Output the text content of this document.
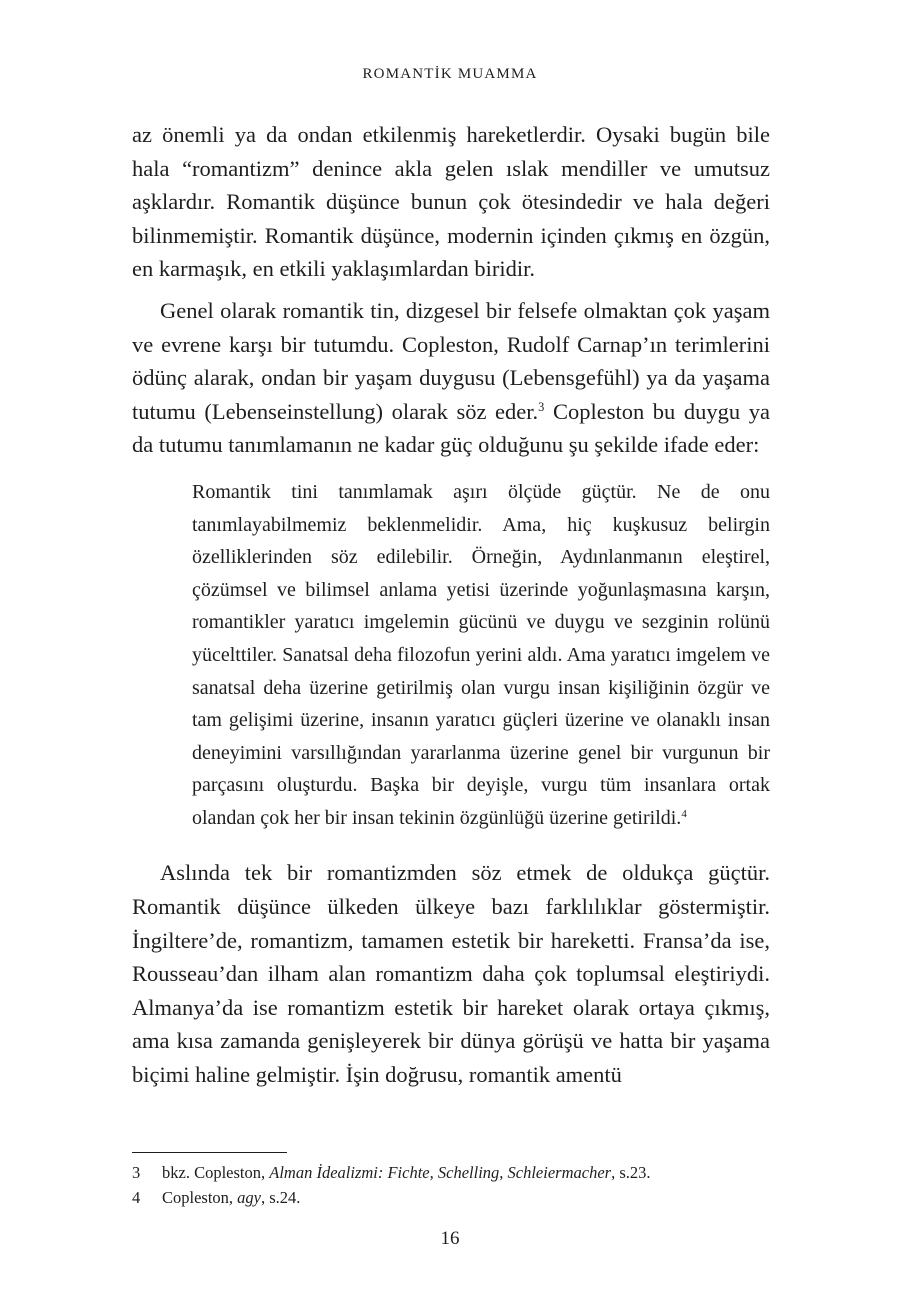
ROMANTİK MUAMMA

az önemli ya da ondan etkilenmiş hareketlerdir. Oysaki bugün bile hala “romantizm” denince akla gelen ıslak mendiller ve umutsuz aşklardır. Romantik düşünce bunun çok ötesindedir ve hala değeri bilinmemiştir. Romantik düşünce, modernin içinden çıkmış en özgün, en karmaşık, en etkili yaklaşımlardan biridir.

Genel olarak romantik tin, dizgesel bir felsefe olmaktan çok yaşam ve evrene karşı bir tutumdu. Copleston, Rudolf Carnap’ın terimlerini ödünç alarak, ondan bir yaşam duygusu (Lebensgefühl) ya da yaşama tutumu (Lebenseinstellung) olarak söz eder.$^3$ Copleston bu duygu ya da tutumu tanımlamanın ne kadar güç olduğunu şu şekilde ifade eder:

Romantik tini tanımlamak aşırı ölçüde güçtür. Ne de onu tanımlayabilmemiz beklenmelidir. Ama, hiç kuşkusuz belirgin özelliklerinden söz edilebilir. Örneğin, Aydınlanmanın eleştirel, çözümsel ve bilimsel anlama yetisi üzerinde yoğunlaşmasına karşın, romantikler yaratıcı imgelemin gücünü ve duygu ve sezginin rolünü yücelttiler. Sanatsal deha filozofun yerini aldı. Ama yaratıcı imgelem ve sanatsal deha üzerine getirilmiş olan vurgu insan kişiliğinin özgür ve tam gelişimi üzerine, insanın yaratıcı güçleri üzerine ve olanaklı insan deneyimini varsıllığından yararlanma üzerine genel bir vurgunun bir parçasını oluşturdu. Başka bir deyişle, vurgu tüm insanlara ortak olandan çok her bir insan tekinin özgünlüğü üzerine getirildi.$^4$

Aslında tek bir romantizmden söz etmek de oldukça güçtür. Romantik düşünce ülkeden ülkeye bazı farklılıklar göstermiştir. İngiltere’de, romantizm, tamamen estetik bir hareketti. Fransa’da ise, Rousseau’dan ilham alan romantizm daha çok toplumsal eleştiriydi. Almanya’da ise romantizm estetik bir hareket olarak ortaya çıkmış, ama kısa zamanda genişleyerek bir dünya görüşü ve hatta bir yaşama biçimi haline gelmiştir. İşin doğrusu, romantik amentü

3	bkz. Copleston, Alman İdealizmi: Fichte, Schelling, Schleiermacher, s.23.
4	Copleston, agy, s.24.
16
